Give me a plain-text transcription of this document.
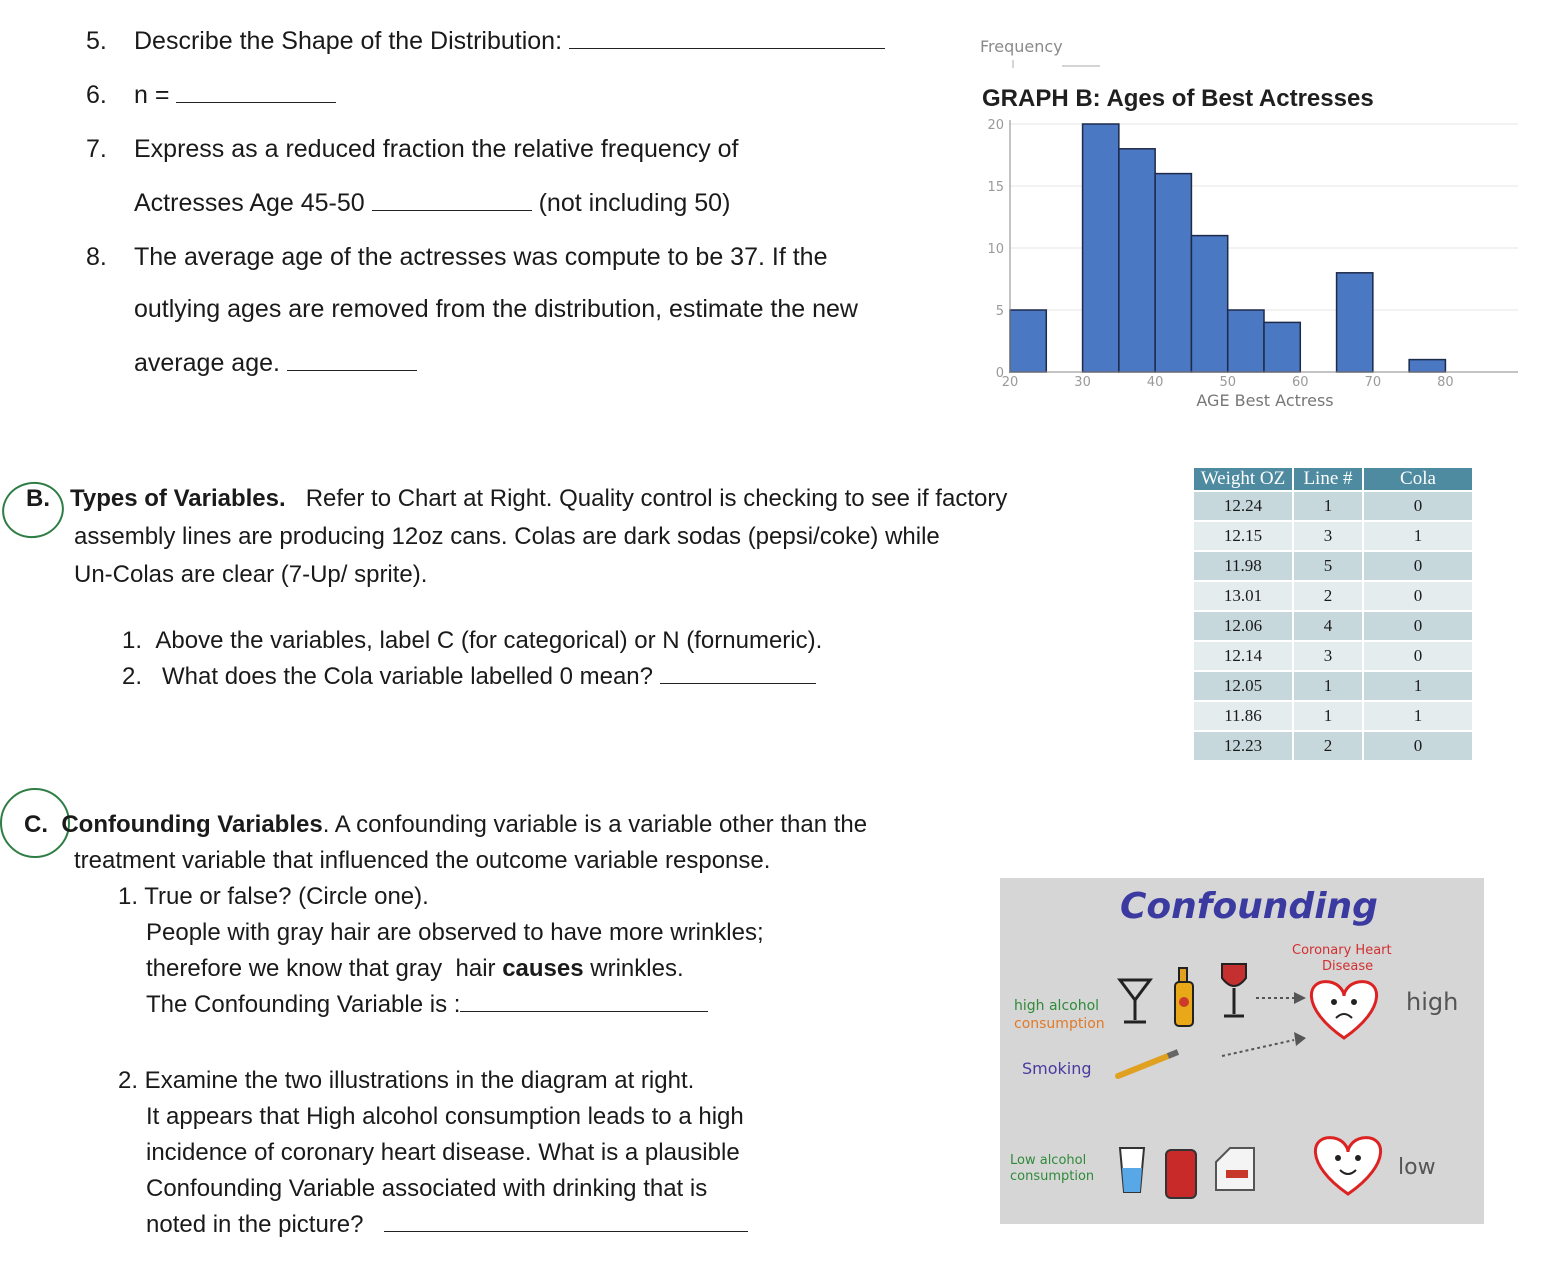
5. Describe the Shape of the Distribution:
6. n =
7. Express as a reduced fraction the relative frequency of
Actresses Age 45-50	(not including 50)
8. The average age of the actresses was compute to be 37. If the
outlying ages are removed from the distribution, estimate the new
average age.
Frequency
GRAPH B: Ages of Best Actresses
0
5
10
15
20
20	30	40	50	60	70	80
AGE Best Actress
B. Types of Variables. Refer to Chart at Right. Quality control is checking to see if factory
assembly lines are producing 12oz cans. Colas are dark sodas (pepsi/coke) while
Un-Colas are clear (7-Up/ sprite).
1. Above the variables, label C (for categorical) or N (fornumeric).
2.   What does the Cola variable labelled 0 mean?
Weight OZ	Line #	Cola
12.24	1	0
12.15	3	1
11.98	5	0
13.01	2	0
12.06	4	0
12.14	3	0
12.05	1	1
11.86	1	1
12.23	2	0
C. Confounding Variables. A confounding variable is a variable other than the
treatment variable that influenced the outcome variable response.
1. True or false? (Circle one).
People with gray hair are observed to have more wrinkles;
therefore we know that gray  hair causes wrinkles.
The Confounding Variable is :
2. Examine the two illustrations in the diagram at right.
It appears that High alcohol consumption leads to a high
incidence of coronary heart disease. What is a plausible
Confounding Variable associated with drinking that is
noted in the picture?
Confounding
Coronary Heart
Disease
high alcohol
consumption
high
Smoking
Low alcohol
consumption	low
